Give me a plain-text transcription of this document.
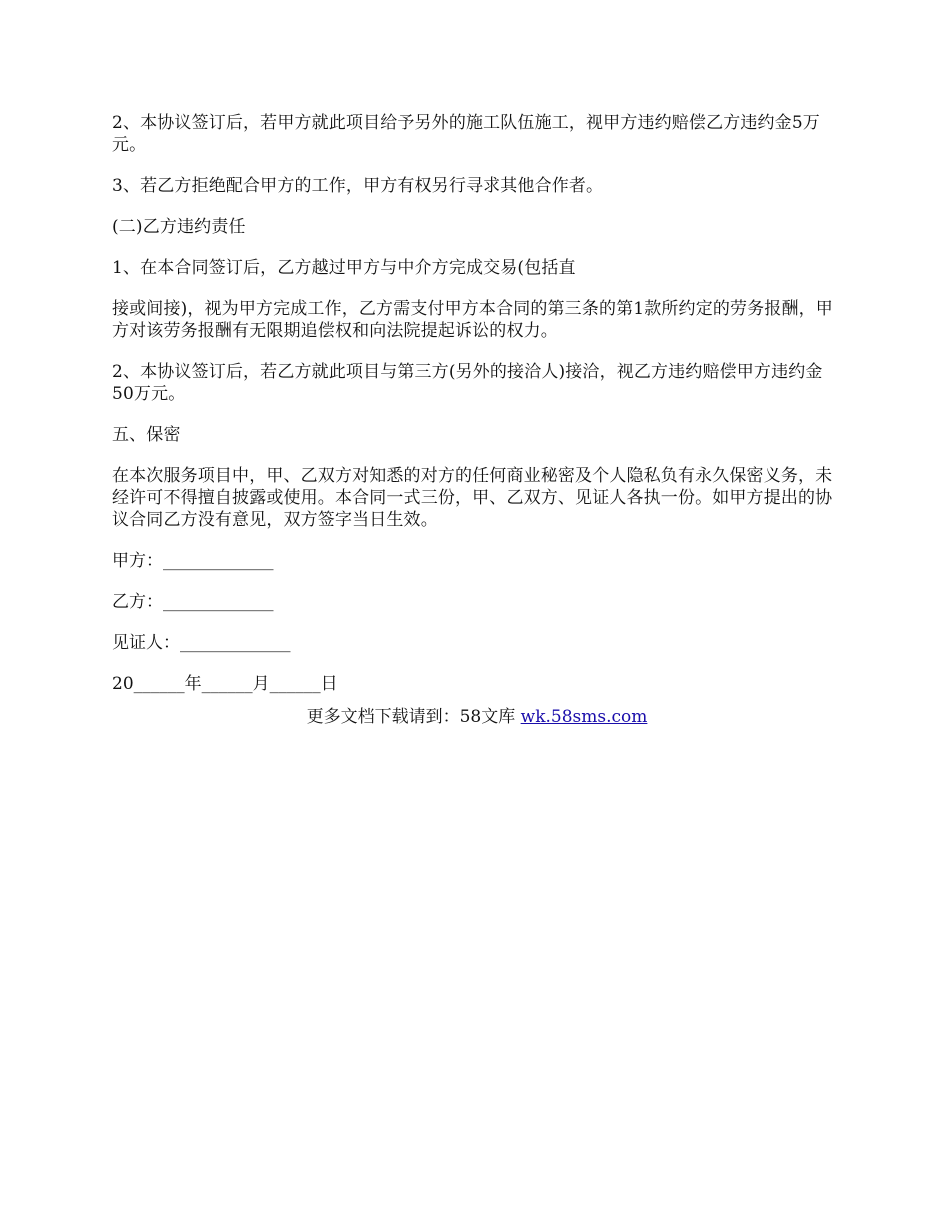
2、本协议签订后，若甲方就此项目给予另外的施工队伍施工，视甲方违约赔偿乙方违约金5万元。

3、若乙方拒绝配合甲方的工作，甲方有权另行寻求其他合作者。

(二)乙方违约责任

1、在本合同签订后，乙方越过甲方与中介方完成交易(包括直

接或间接)，视为甲方完成工作，乙方需支付甲方本合同的第三条的第1款所约定的劳务报酬，甲方对该劳务报酬有无限期追偿权和向法院提起诉讼的权力。

2、本协议签订后，若乙方就此项目与第三方(另外的接洽人)接洽，视乙方违约赔偿甲方违约金50万元。

五、保密

在本次服务项目中，甲、乙双方对知悉的对方的任何商业秘密及个人隐私负有永久保密义务，未经许可不得擅自披露或使用。本合同一式三份，甲、乙双方、见证人各执一份。如甲方提出的协议合同乙方没有意见，双方签字当日生效。

甲方：_____________

乙方：_____________

见证人：_____________

20______年______月______日

更多文档下载请到：58文库 wk.58sms.com
